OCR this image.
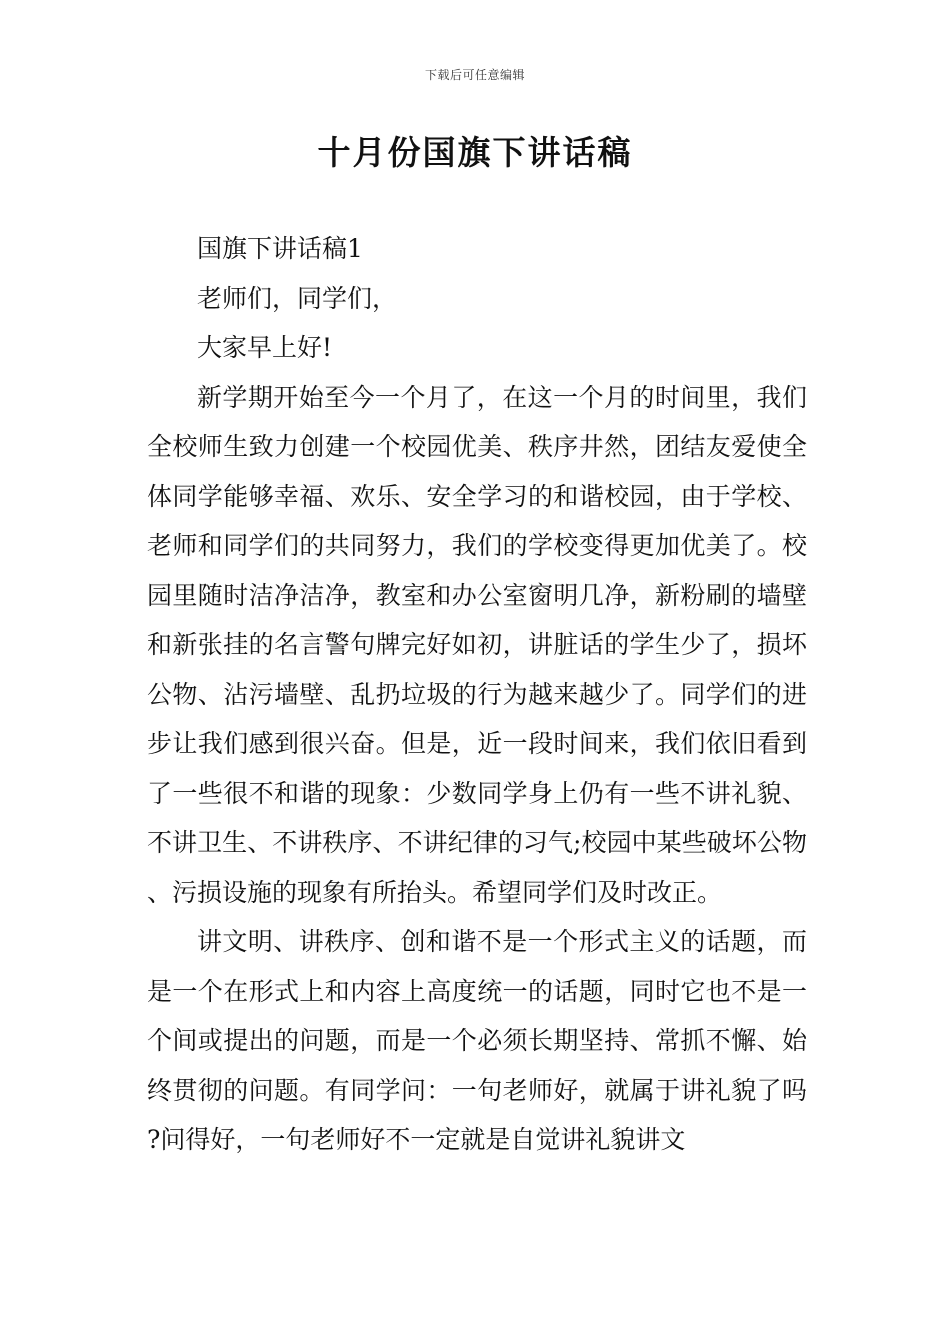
下载后可任意编辑
十月份国旗下讲话稿

国旗下讲话稿1

老师们，同学们，

大家早上好!

新学期开始至今一个月了，在这一个月的时间里，我们全校师生致力创建一个校园优美、秩序井然，团结友爱使全体同学能够幸福、欢乐、安全学习的和谐校园，由于学校、老师和同学们的共同努力，我们的学校变得更加优美了。校园里随时洁净洁净，教室和办公室窗明几净，新粉刷的墙壁和新张挂的名言警句牌完好如初，讲脏话的学生少了，损坏公物、沾污墙壁、乱扔垃圾的行为越来越少了。同学们的进步让我们感到很兴奋。但是，近一段时间来，我们依旧看到了一些很不和谐的现象：少数同学身上仍有一些不讲礼貌、不讲卫生、不讲秩序、不讲纪律的习气;校园中某些破坏公物、污损设施的现象有所抬头。希望同学们及时改正。

讲文明、讲秩序、创和谐不是一个形式主义的话题，而是一个在形式上和内容上高度统一的话题，同时它也不是一个间或提出的问题，而是一个必须长期坚持、常抓不懈、始终贯彻的问题。有同学问：一句老师好，就属于讲礼貌了吗?问得好，一句老师好不一定就是自觉讲礼貌讲文
